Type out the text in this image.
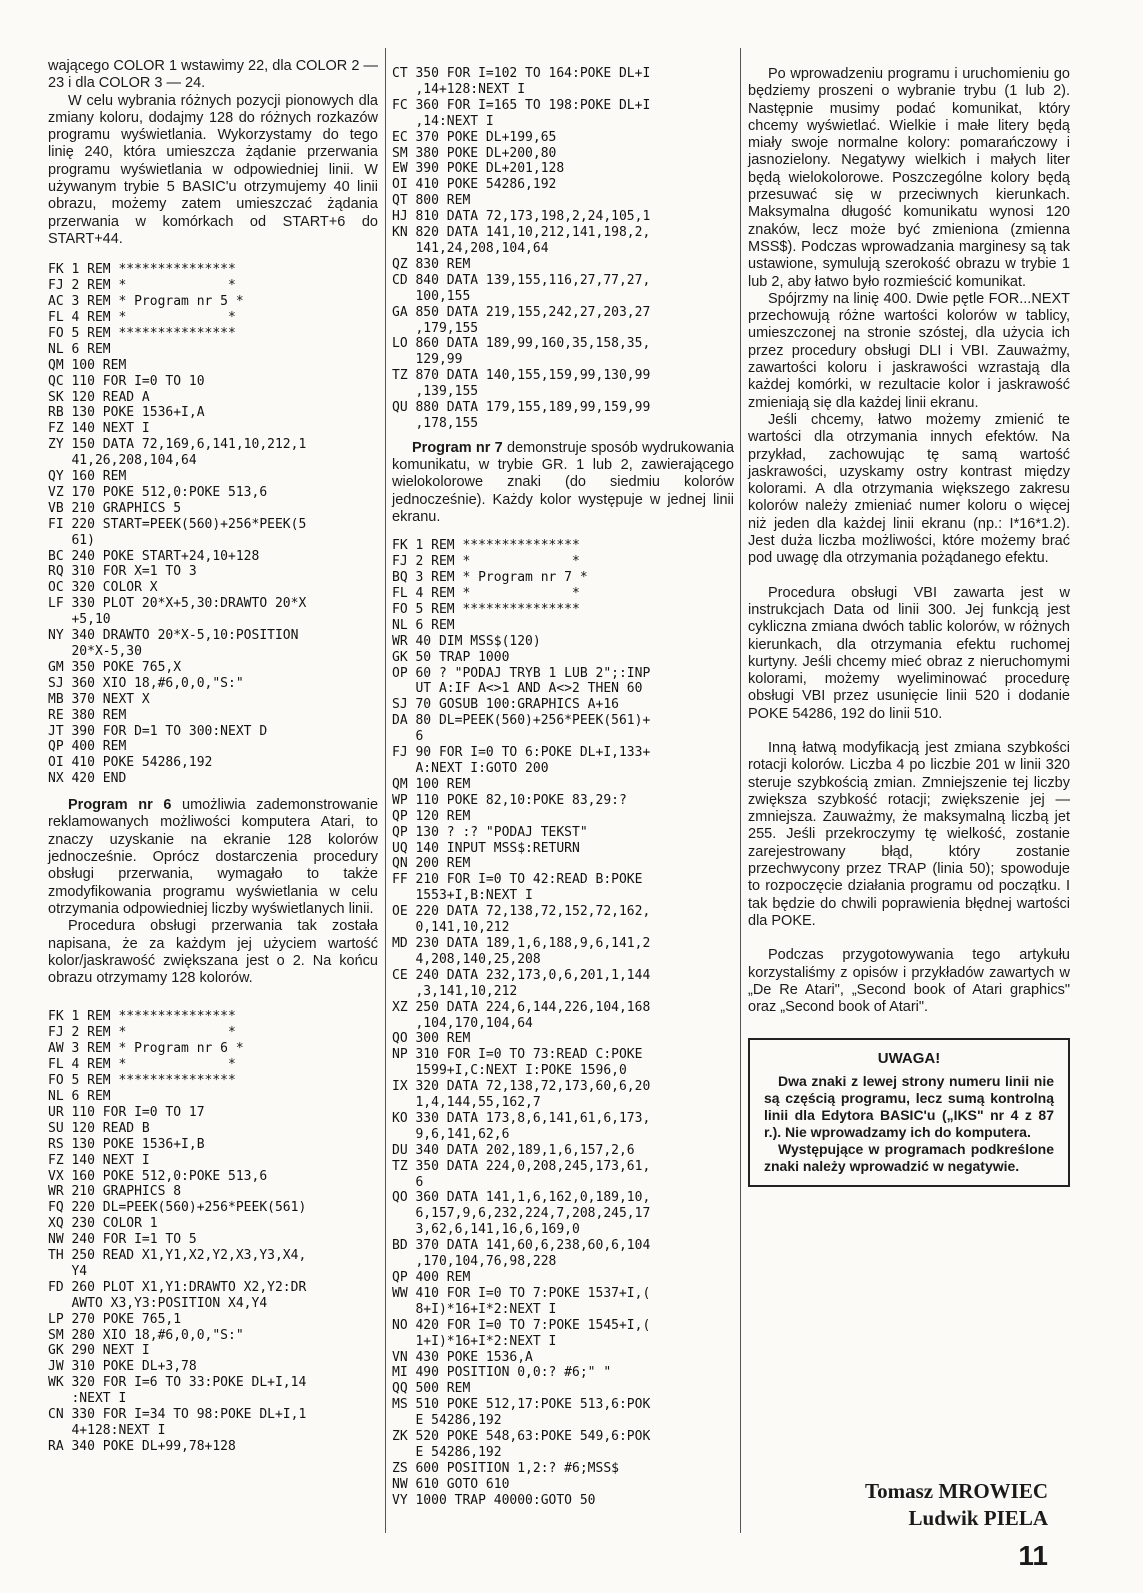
wającego COLOR 1 wstawimy 22, dla COLOR 2 — 23 i dla COLOR 3 — 24.

W celu wybrania różnych pozycji pionowych dla zmiany koloru, dodajmy 128 do różnych rozkazów programu wyświetlania. Wykorzystamy do tego linię 240, która umieszcza żądanie przerwania programu wyświetlania w odpowiedniej linii. W używanym trybie 5 BASIC'u otrzymujemy 40 linii obrazu, możemy zatem umieszczać żądania przerwania w komórkach od START+6 do START+44.

FK 1 REM ***************
FJ 2 REM *             *
AC 3 REM * Program nr 5 *
FL 4 REM *             *
FO 5 REM ***************
NL 6 REM
QM 100 REM
QC 110 FOR I=0 TO 10
SK 120 READ A
RB 130 POKE 1536+I,A
FZ 140 NEXT I
ZY 150 DATA 72,169,6,141,10,212,1
41,26,208,104,64
QY 160 REM
VZ 170 POKE 512,0:POKE 513,6
VB 210 GRAPHICS 5
FI 220 START=PEEK(560)+256*PEEK(5
61)
BC 240 POKE START+24,10+128
RQ 310 FOR X=1 TO 3
OC 320 COLOR X
LF 330 PLOT 20*X+5,30:DRAWTO 20*X
+5,10
NY 340 DRAWTO 20*X-5,10:POSITION
20*X-5,30
GM 350 POKE 765,X
SJ 360 XIO 18,#6,0,0,"S:"
MB 370 NEXT X
RE 380 REM
JT 390 FOR D=1 TO 300:NEXT D
QP 400 REM
OI 410 POKE 54286,192
NX 420 END

Program nr 6 umożliwia zademonstrowanie reklamowanych możliwości komputera Atari, to znaczy uzyskanie na ekranie 128 kolorów jednocześnie. Oprócz dostarczenia procedury obsługi przerwania, wymagało to także zmodyfikowania programu wyświetlania w celu otrzymania odpowiedniej liczby wyświetlanych linii.

Procedura obsługi przerwania tak została napisana, że za każdym jej użyciem wartość kolor/jaskrawość zwiększana jest o 2. Na końcu obrazu otrzymamy 128 kolorów.

FK 1 REM ***************
FJ 2 REM *             *
AW 3 REM * Program nr 6 *
FL 4 REM *             *
FO 5 REM ***************
NL 6 REM
UR 110 FOR I=0 TO 17
SU 120 READ B
RS 130 POKE 1536+I,B
FZ 140 NEXT I
VX 160 POKE 512,0:POKE 513,6
WR 210 GRAPHICS 8
FQ 220 DL=PEEK(560)+256*PEEK(561)
XQ 230 COLOR 1
NW 240 FOR I=1 TO 5
TH 250 READ X1,Y1,X2,Y2,X3,Y3,X4,
Y4
FD 260 PLOT X1,Y1:DRAWTO X2,Y2:DR
AWTO X3,Y3:POSITION X4,Y4
LP 270 POKE 765,1
SM 280 XIO 18,#6,0,0,"S:"
GK 290 NEXT I
JW 310 POKE DL+3,78
WK 320 FOR I=6 TO 33:POKE DL+I,14
:NEXT I
CN 330 FOR I=34 TO 98:POKE DL+I,1
4+128:NEXT I
RA 340 POKE DL+99,78+128
CT 350 FOR I=102 TO 164:POKE DL+I
,14+128:NEXT I
FC 360 FOR I=165 TO 198:POKE DL+I
,14:NEXT I
EC 370 POKE DL+199,65
SM 380 POKE DL+200,80
EW 390 POKE DL+201,128
OI 410 POKE 54286,192
QT 800 REM
HJ 810 DATA 72,173,198,2,24,105,1
KN 820 DATA 141,10,212,141,198,2,
141,24,208,104,64
QZ 830 REM
CD 840 DATA 139,155,116,27,77,27,
100,155
GA 850 DATA 219,155,242,27,203,27
,179,155
LO 860 DATA 189,99,160,35,158,35,
129,99
TZ 870 DATA 140,155,159,99,130,99
,139,155
QU 880 DATA 179,155,189,99,159,99
,178,155

Program nr 7 demonstruje sposób wydrukowania komunikatu, w trybie GR. 1 lub 2, zawierającego wielokolorowe znaki (do siedmiu kolorów jednocześnie). Każdy kolor występuje w jednej linii ekranu.

FK 1 REM ***************
FJ 2 REM *             *
BQ 3 REM * Program nr 7 *
FL 4 REM *             *
FO 5 REM ***************
NL 6 REM
WR 40 DIM MSS$(120)
GK 50 TRAP 1000
OP 60 ? "PODAJ TRYB 1 LUB 2";:INP
UT A:IF A<>1 AND A<>2 THEN 60
SJ 70 GOSUB 100:GRAPHICS A+16
DA 80 DL=PEEK(560)+256*PEEK(561)+
6
FJ 90 FOR I=0 TO 6:POKE DL+I,133+
A:NEXT I:GOTO 200
QM 100 REM
WP 110 POKE 82,10:POKE 83,29:?
QP 120 REM
QP 130 ? :? "PODAJ TEKST"
UQ 140 INPUT MSS$:RETURN
QN 200 REM
FF 210 FOR I=0 TO 42:READ B:POKE
1553+I,B:NEXT I
OE 220 DATA 72,138,72,152,72,162,
0,141,10,212
MD 230 DATA 189,1,6,188,9,6,141,2
4,208,140,25,208
CE 240 DATA 232,173,0,6,201,1,144
,3,141,10,212
XZ 250 DATA 224,6,144,226,104,168
,104,170,104,64
QO 300 REM
NP 310 FOR I=0 TO 73:READ C:POKE
1599+I,C:NEXT I:POKE 1596,0
IX 320 DATA 72,138,72,173,60,6,20
1,4,144,55,162,7
KO 330 DATA 173,8,6,141,61,6,173,
9,6,141,62,6
DU 340 DATA 202,189,1,6,157,2,6
TZ 350 DATA 224,0,208,245,173,61,
6
QO 360 DATA 141,1,6,162,0,189,10,
6,157,9,6,232,224,7,208,245,17
3,62,6,141,16,6,169,0
BD 370 DATA 141,60,6,238,60,6,104
,170,104,76,98,228
QP 400 REM
WW 410 FOR I=0 TO 7:POKE 1537+I,(
8+I)*16+I*2:NEXT I
NO 420 FOR I=0 TO 7:POKE 1545+I,(
1+I)*16+I*2:NEXT I
VN 430 POKE 1536,A
MI 490 POSITION 0,0:? #6;" "
QQ 500 REM
MS 510 POKE 512,17:POKE 513,6:POK
E 54286,192
ZK 520 POKE 548,63:POKE 549,6:POK
E 54286,192
ZS 600 POSITION 1,2:? #6;MSS$
NW 610 GOTO 610
VY 1000 TRAP 40000:GOTO 50

Po wprowadzeniu programu i uruchomieniu go będziemy proszeni o wybranie trybu (1 lub 2). Następnie musimy podać komunikat, który chcemy wyświetlać. Wielkie i małe litery będą miały swoje normalne kolory: pomarańczowy i jasnozielony. Negatywy wielkich i małych liter będą wielokolorowe. Poszczególne kolory będą przesuwać się w przeciwnych kierunkach. Maksymalna długość komunikatu wynosi 120 znaków, lecz może być zmieniona (zmienna MSS$). Podczas wprowadzania marginesy są tak ustawione, symulują szerokość obrazu w trybie 1 lub 2, aby łatwo było rozmieścić komunikat.

Spójrzmy na linię 400. Dwie pętle FOR...NEXT przechowują różne wartości kolorów w tablicy, umieszczonej na stronie szóstej, dla użycia ich przez procedury obsługi DLI i VBI. Zauważmy, zawartości koloru i jaskrawości wzrastają dla każdej komórki, w rezultacie kolor i jaskrawość zmieniają się dla każdej linii ekranu.

Jeśli chcemy, łatwo możemy zmienić te wartości dla otrzymania innych efektów. Na przykład, zachowując tę samą wartość jaskrawości, uzyskamy ostry kontrast między kolorami. A dla otrzymania większego zakresu kolorów należy zmieniać numer koloru o więcej niż jeden dla każdej linii ekranu (np.: I*16*1.2). Jest duża liczba możliwości, które możemy brać pod uwagę dla otrzymania pożądanego efektu.

Procedura obsługi VBI zawarta jest w instrukcjach Data od linii 300. Jej funkcją jest cykliczna zmiana dwóch tablic kolorów, w różnych kierunkach, dla otrzymania efektu ruchomej kurtyny. Jeśli chcemy mieć obraz z nieruchomymi kolorami, możemy wyeliminować procedurę obsługi VBI przez usunięcie linii 520 i dodanie POKE 54286, 192 do linii 510.

Inną łatwą modyfikacją jest zmiana szybkości rotacji kolorów. Liczba 4 po liczbie 201 w linii 320 steruje szybkością zmian. Zmniejszenie tej liczby zwiększa szybkość rotacji; zwiększenie jej — zmniejsza. Zauważmy, że maksymalną liczbą jet 255. Jeśli przekroczymy tę wielkość, zostanie zarejestrowany błąd, który zostanie przechwycony przez TRAP (linia 50); spowoduje to rozpoczęcie działania programu od początku. I tak będzie do chwili poprawienia błędnej wartości dla POKE.

Podczas przygotowywania tego artykułu korzystaliśmy z opisów i przykładów zawartych w „De Re Atari", „Second book of Atari graphics" oraz „Second book of Atari".

UWAGA!

Dwa znaki z lewej strony numeru linii nie są częścią programu, lecz sumą kontrolną linii dla Edytora BASIC'u („IKS" nr 4 z 87 r.). Nie wprowadzamy ich do komputera.

Występujące w programach podkreślone znaki należy wprowadzić w negatywie.

Tomasz MROWIEC
Ludwik PIELA
11
